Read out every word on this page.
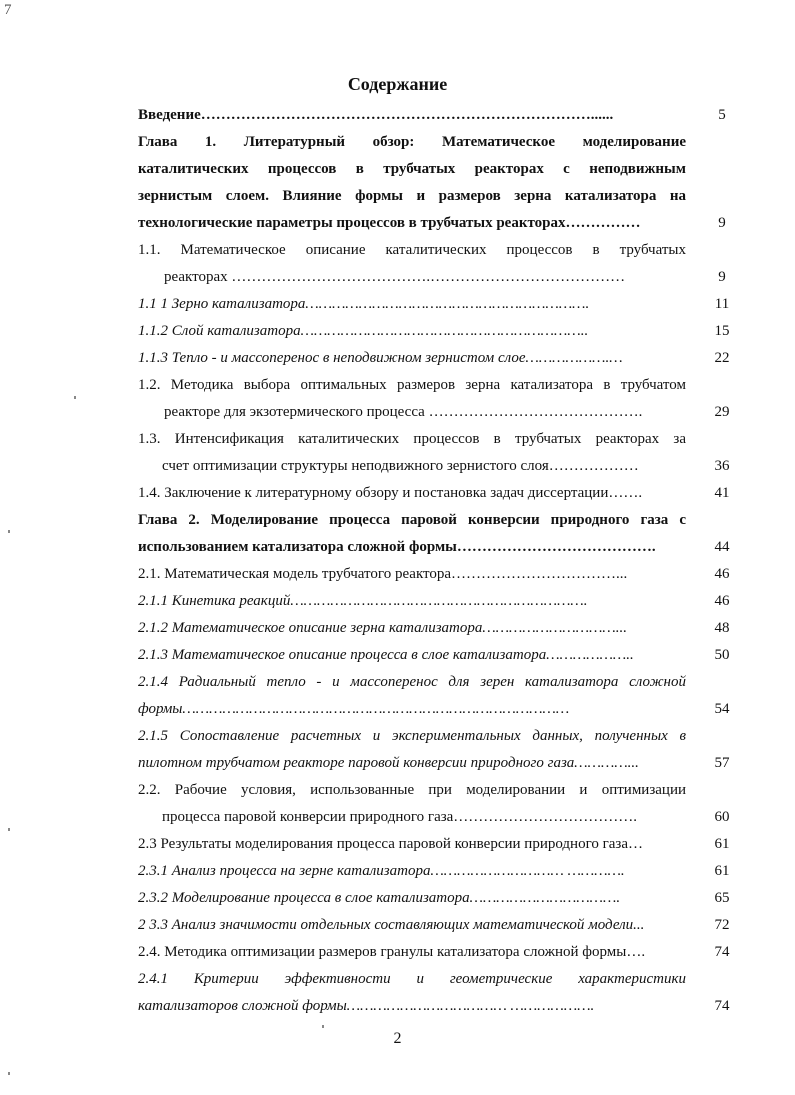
7
Содержание
Введение……………………………………………………………………......	5
Глава 1. Литературный обзор: Математическое моделирование
каталитических процессов в трубчатых реакторах с неподвижным
зернистым слоем. Влияние формы и размеров зерна катализатора на
технологические параметры процессов в трубчатых реакторах……………	9
1.1. Математическое описание каталитических процессов в трубчатых
реакторах ………………………………….…………………………………	9
1.1 1 Зерно катализатора……………………………………………………….	11
1.1.2 Слой катализатора………………………………………………………..	15
1.1.3 Тепло - и массоперенос в неподвижном зернистом слое……………….…	22
1.2. Методика выбора оптимальных размеров зерна катализатора в трубчатом
реакторе для экзотермического процесса …………………………………….	29
1.3. Интенсификация каталитических процессов в трубчатых реакторах за
счет оптимизации структуры неподвижного зернистого слоя………………	36
1.4. Заключение к литературному обзору и постановка задач диссертации…….	41
Глава 2. Моделирование процесса паровой конверсии природного газа с
использованием катализатора сложной формы………………………………….	44
2.1. Математическая модель трубчатого реактора……………………………...	46
2.1.1 Кинетика реакций………………………………………………………….	46
2.1.2 Математическое описание зерна катализатора…………………………...	48
2.1.3 Математическое описание процесса в слое катализатора………………..	50
2.1.4 Радиальный тепло - и массоперенос для зерен катализатора сложной
формы……………………………………………………………………………	54
2.1.5 Сопоставление расчетных и экспериментальных данных, полученных в
пилотном трубчатом реакторе паровой конверсии природного газа…………...	57
2.2. Рабочие условия, использованные при моделировании и оптимизации
процесса паровой конверсии природного газа……………………………….	60
2.3 Результаты моделирования процесса паровой конверсии природного газа…	61
2.3.1 Анализ процесса на зерне катализатора………………………… ………….	61
2.3.2 Моделирование процесса в слое катализатора…………………………….	65
2 3.3 Анализ значимости отдельных составляющих математической модели...	72
2.4. Методика оптимизации размеров гранулы катализатора сложной формы….	74
2.4.1 Критерии эффективности и геометрические характеристики
катализаторов сложной формы……………………………… ……………….	74
2
